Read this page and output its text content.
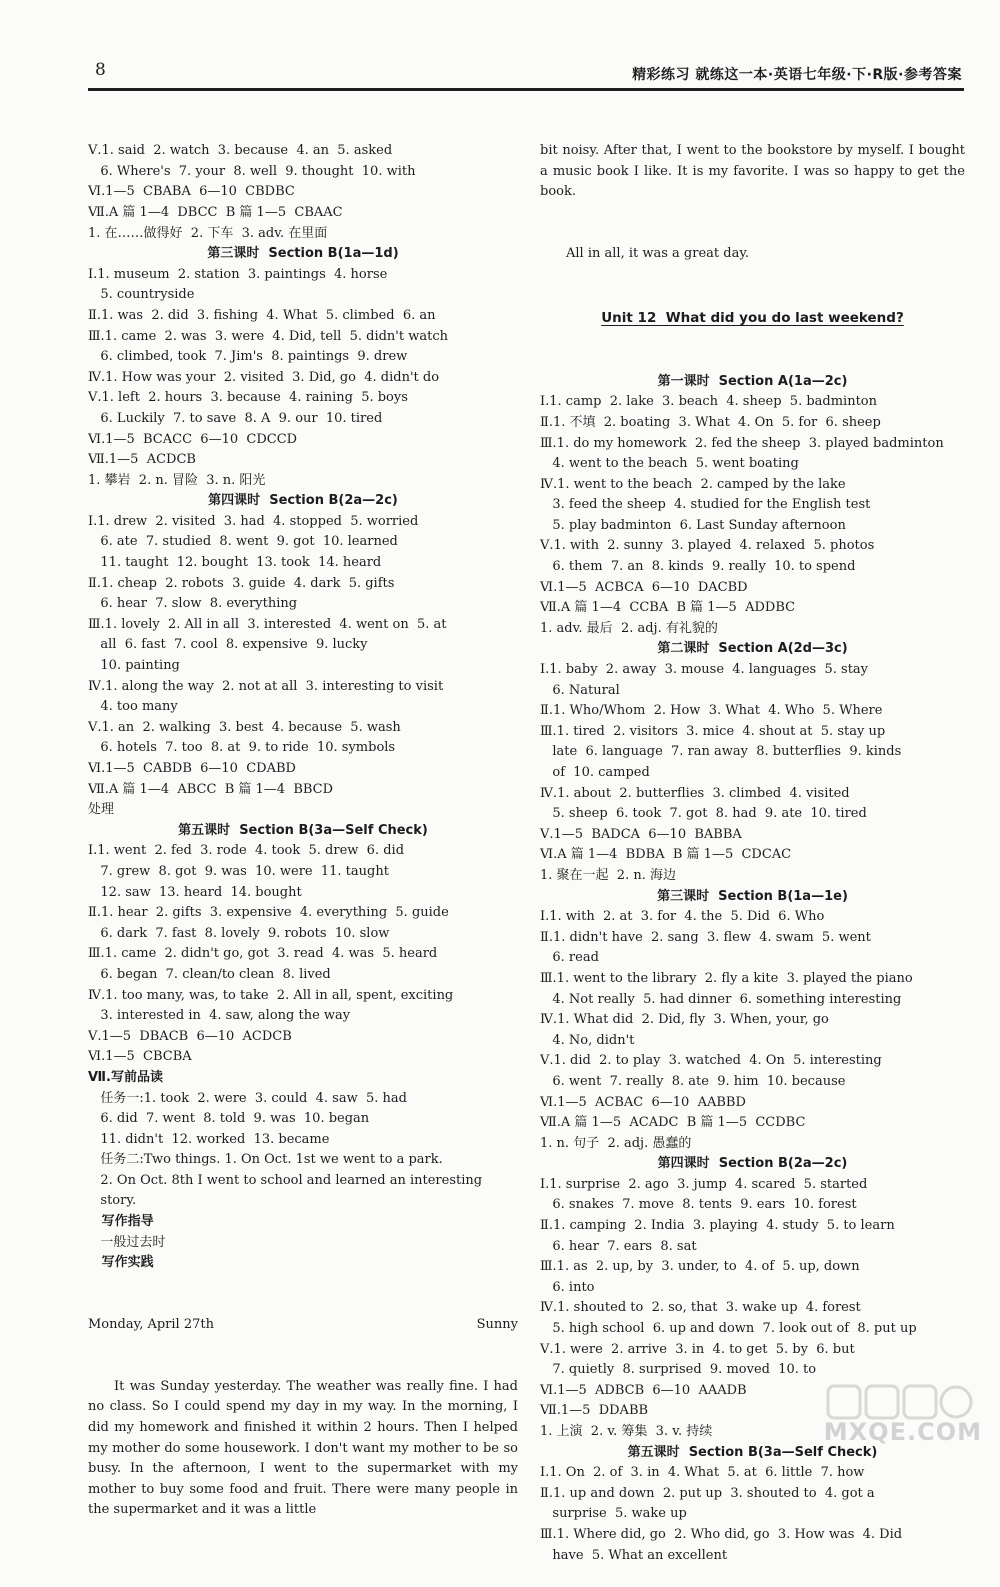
8	精彩练习 就练这一本·英语七年级·下·R版·参考答案

Ⅴ.1. said  2. watch  3. because  4. an  5. asked
6. Where's  7. your  8. well  9. thought  10. with
Ⅵ.1—5  CBABA  6—10  CBDBC
Ⅶ.A 篇 1—4  DBCC  B 篇 1—5  CBAAC
1. 在……做得好  2. 下车  3. adv. 在里面
第三课时  Section B(1a—1d)
Ⅰ.1. museum  2. station  3. paintings  4. horse
5. countryside
Ⅱ.1. was  2. did  3. fishing  4. What  5. climbed  6. an
Ⅲ.1. came  2. was  3. were  4. Did, tell  5. didn't watch
6. climbed, took  7. Jim's  8. paintings  9. drew
Ⅳ.1. How was your  2. visited  3. Did, go  4. didn't do
Ⅴ.1. left  2. hours  3. because  4. raining  5. boys
6. Luckily  7. to save  8. A  9. our  10. tired
Ⅵ.1—5  BCACC  6—10  CDCCD
Ⅶ.1—5  ACDCB
1. 攀岩  2. n. 冒险  3. n. 阳光
第四课时  Section B(2a—2c)
Ⅰ.1. drew  2. visited  3. had  4. stopped  5. worried
6. ate  7. studied  8. went  9. got  10. learned
11. taught  12. bought  13. took  14. heard
Ⅱ.1. cheap  2. robots  3. guide  4. dark  5. gifts
6. hear  7. slow  8. everything
Ⅲ.1. lovely  2. All in all  3. interested  4. went on  5. at
all  6. fast  7. cool  8. expensive  9. lucky
10. painting
Ⅳ.1. along the way  2. not at all  3. interesting to visit
4. too many
Ⅴ.1. an  2. walking  3. best  4. because  5. wash
6. hotels  7. too  8. at  9. to ride  10. symbols
Ⅵ.1—5  CABDB  6—10  CDABD
Ⅶ.A 篇 1—4  ABCC  B 篇 1—4  BBCD
处理
第五课时  Section B(3a—Self Check)
Ⅰ.1. went  2. fed  3. rode  4. took  5. drew  6. did
7. grew  8. got  9. was  10. were  11. taught
12. saw  13. heard  14. bought
Ⅱ.1. hear  2. gifts  3. expensive  4. everything  5. guide
6. dark  7. fast  8. lovely  9. robots  10. slow
Ⅲ.1. came  2. didn't go, got  3. read  4. was  5. heard
6. began  7. clean/to clean  8. lived
Ⅳ.1. too many, was, to take  2. All in all, spent, exciting
3. interested in  4. saw, along the way
Ⅴ.1—5  DBACB  6—10  ACDCB
Ⅵ.1—5  CBCBA
Ⅶ.写前品读
任务一:1. took  2. were  3. could  4. saw  5. had
6. did  7. went  8. told  9. was  10. began
11. didn't  12. worked  13. became
任务二:Two things. 1. On Oct. 1st we went to a park.
2. On Oct. 8th I went to school and learned an interesting
story.
写作指导
一般过去时
写作实践

Monday, April 27th	Sunny

It was Sunday yesterday. The weather was really fine. I had no class. So I could spend my day in my way. In the morning, I did my homework and finished it within 2 hours. Then I helped my mother do some housework. I don't want my mother to be so busy. In the afternoon, I went to the supermarket with my mother to buy some food and fruit. There were many people in the supermarket and it was a little

bit noisy. After that, I went to the bookstore by myself. I bought a music book I like. It is my favorite. I was so happy to get the book.

All in all, it was a great day.

Unit 12  What did you do last weekend?

第一课时  Section A(1a—2c)
Ⅰ.1. camp  2. lake  3. beach  4. sheep  5. badminton
Ⅱ.1. 不填  2. boating  3. What  4. On  5. for  6. sheep
Ⅲ.1. do my homework  2. fed the sheep  3. played badminton
4. went to the beach  5. went boating
Ⅳ.1. went to the beach  2. camped by the lake
3. feed the sheep  4. studied for the English test
5. play badminton  6. Last Sunday afternoon
Ⅴ.1. with  2. sunny  3. played  4. relaxed  5. photos
6. them  7. an  8. kinds  9. really  10. to spend
Ⅵ.1—5  ACBCA  6—10  DACBD
Ⅶ.A 篇 1—4  CCBA  B 篇 1—5  ADDBC
1. adv. 最后  2. adj. 有礼貌的
第二课时  Section A(2d—3c)
Ⅰ.1. baby  2. away  3. mouse  4. languages  5. stay
6. Natural
Ⅱ.1. Who/Whom  2. How  3. What  4. Who  5. Where
Ⅲ.1. tired  2. visitors  3. mice  4. shout at  5. stay up
late  6. language  7. ran away  8. butterflies  9. kinds
of  10. camped
Ⅳ.1. about  2. butterflies  3. climbed  4. visited
5. sheep  6. took  7. got  8. had  9. ate  10. tired
Ⅴ.1—5  BADCA  6—10  BABBA
Ⅵ.A 篇 1—4  BDBA  B 篇 1—5  CDCAC
1. 聚在一起  2. n. 海边
第三课时  Section B(1a—1e)
Ⅰ.1. with  2. at  3. for  4. the  5. Did  6. Who
Ⅱ.1. didn't have  2. sang  3. flew  4. swam  5. went
6. read
Ⅲ.1. went to the library  2. fly a kite  3. played the piano
4. Not really  5. had dinner  6. something interesting
Ⅳ.1. What did  2. Did, fly  3. When, your, go
4. No, didn't
Ⅴ.1. did  2. to play  3. watched  4. On  5. interesting
6. went  7. really  8. ate  9. him  10. because
Ⅵ.1—5  ACBAC  6—10  AABBD
Ⅶ.A 篇 1—5  ACADC  B 篇 1—5  CCDBC
1. n. 句子  2. adj. 愚蠢的
第四课时  Section B(2a—2c)
Ⅰ.1. surprise  2. ago  3. jump  4. scared  5. started
6. snakes  7. move  8. tents  9. ears  10. forest
Ⅱ.1. camping  2. India  3. playing  4. study  5. to learn
6. hear  7. ears  8. sat
Ⅲ.1. as  2. up, by  3. under, to  4. of  5. up, down
6. into
Ⅳ.1. shouted to  2. so, that  3. wake up  4. forest
5. high school  6. up and down  7. look out of  8. put up
Ⅴ.1. were  2. arrive  3. in  4. to get  5. by  6. but
7. quietly  8. surprised  9. moved  10. to
Ⅵ.1—5  ADBCB  6—10  AAADB
Ⅶ.1—5  DDABB
1. 上演  2. v. 筹集  3. v. 持续
第五课时  Section B(3a—Self Check)
Ⅰ.1. On  2. of  3. in  4. What  5. at  6. little  7. how
Ⅱ.1. up and down  2. put up  3. shouted to  4. got a
surprise  5. wake up
Ⅲ.1. Where did, go  2. Who did, go  3. How was  4. Did
have  5. What an excellent

MXQE.COM
